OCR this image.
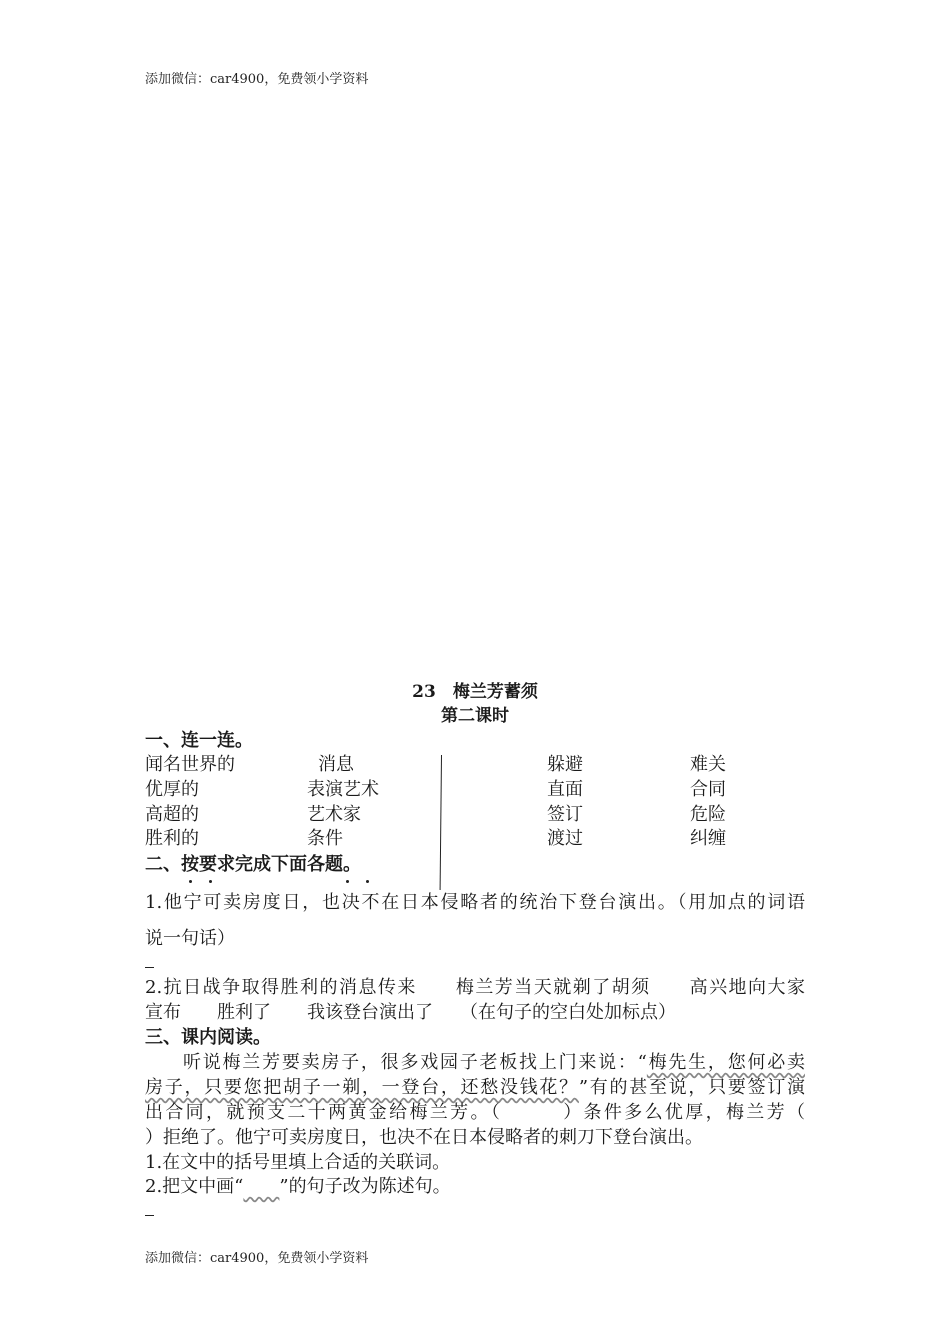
添加微信：car4900，免费领小学资料
23　梅兰芳蓄须
第二课时
一、连一连。
闻名世界的
优厚的
高超的
胜利的
消息
表演艺术
艺术家
条件
躲避
直面
签订
渡过
难关
合同
危险
纠缠
二、按要求完成下面各题。
1.他宁可卖房度日，也决不在日本侵略者的统治下登台演出。（用加点的词语
说一句话）
2.抗日战争取得胜利的消息传来　　梅兰芳当天就剃了胡须　　高兴地向大家
宣布　　胜利了　　我该登台演出了　　（在句子的空白处加标点）
三、课内阅读。
听说梅兰芳要卖房子，很多戏园子老板找上门来说：“梅先生，您何必卖
房子，只要您把胡子一剃，一登台，还愁没钱花？”有的甚至说，只要签订演
出合同，就预支二十两黄金给梅兰芳。（　　　）条件多么优厚，梅兰芳（
）拒绝了。他宁可卖房度日，也决不在日本侵略者的刺刀下登台演出。
1.在文中的括号里填上合适的关联词。
2.把文中画“　　 ”的句子改为陈述句。
添加微信：car4900，免费领小学资料
